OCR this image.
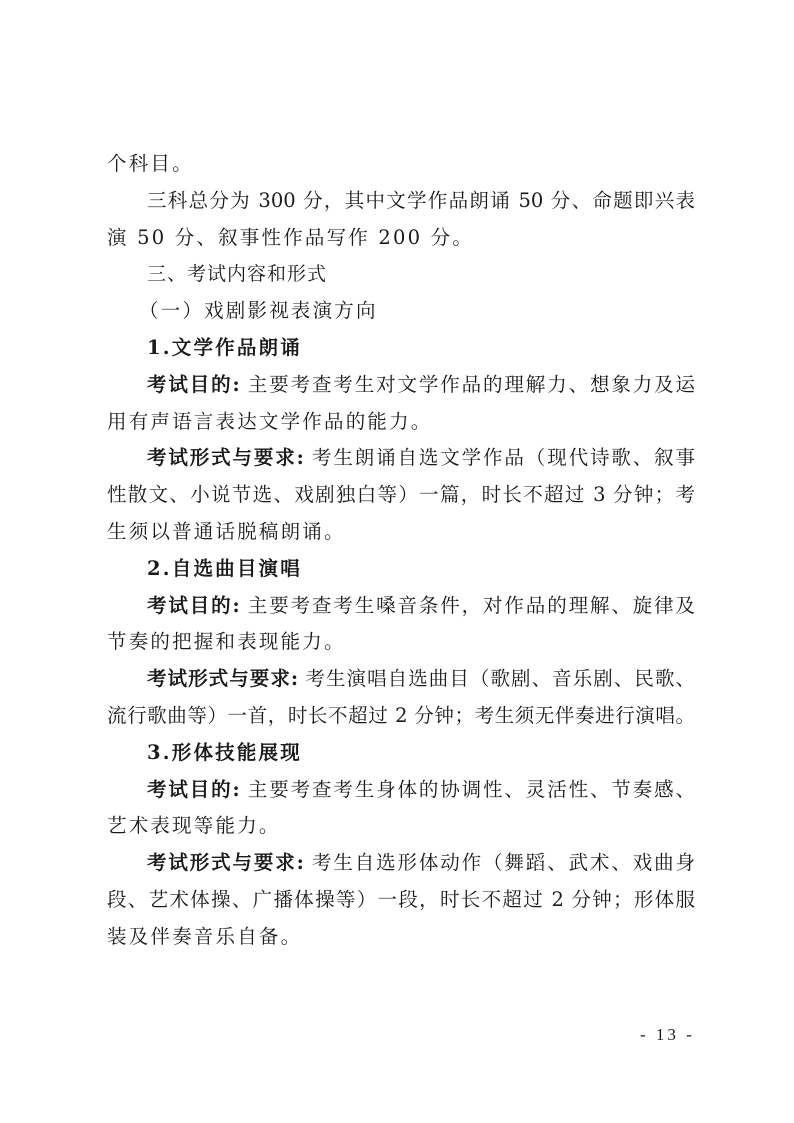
个科目。
三科总分为 300 分，其中文学作品朗诵 50 分、命题即兴表
演 50 分、叙事性作品写作 200 分。
三、考试内容和形式
（一）戏剧影视表演方向
1.文学作品朗诵
考试目的: 主要考查考生对文学作品的理解力、想象力及运
用有声语言表达文学作品的能力。
考试形式与要求: 考生朗诵自选文学作品（现代诗歌、叙事
性散文、小说节选、戏剧独白等）一篇，时长不超过 3 分钟；考
生须以普通话脱稿朗诵。
2.自选曲目演唱
考试目的: 主要考查考生嗓音条件，对作品的理解、旋律及
节奏的把握和表现能力。
考试形式与要求: 考生演唱自选曲目（歌剧、音乐剧、民歌、
流行歌曲等）一首，时长不超过 2 分钟；考生须无伴奏进行演唱。
3.形体技能展现
考试目的: 主要考查考生身体的协调性、灵活性、节奏感、
艺术表现等能力。
考试形式与要求: 考生自选形体动作（舞蹈、武术、戏曲身
段、艺术体操、广播体操等）一段，时长不超过 2 分钟；形体服
装及伴奏音乐自备。
- 13 -
